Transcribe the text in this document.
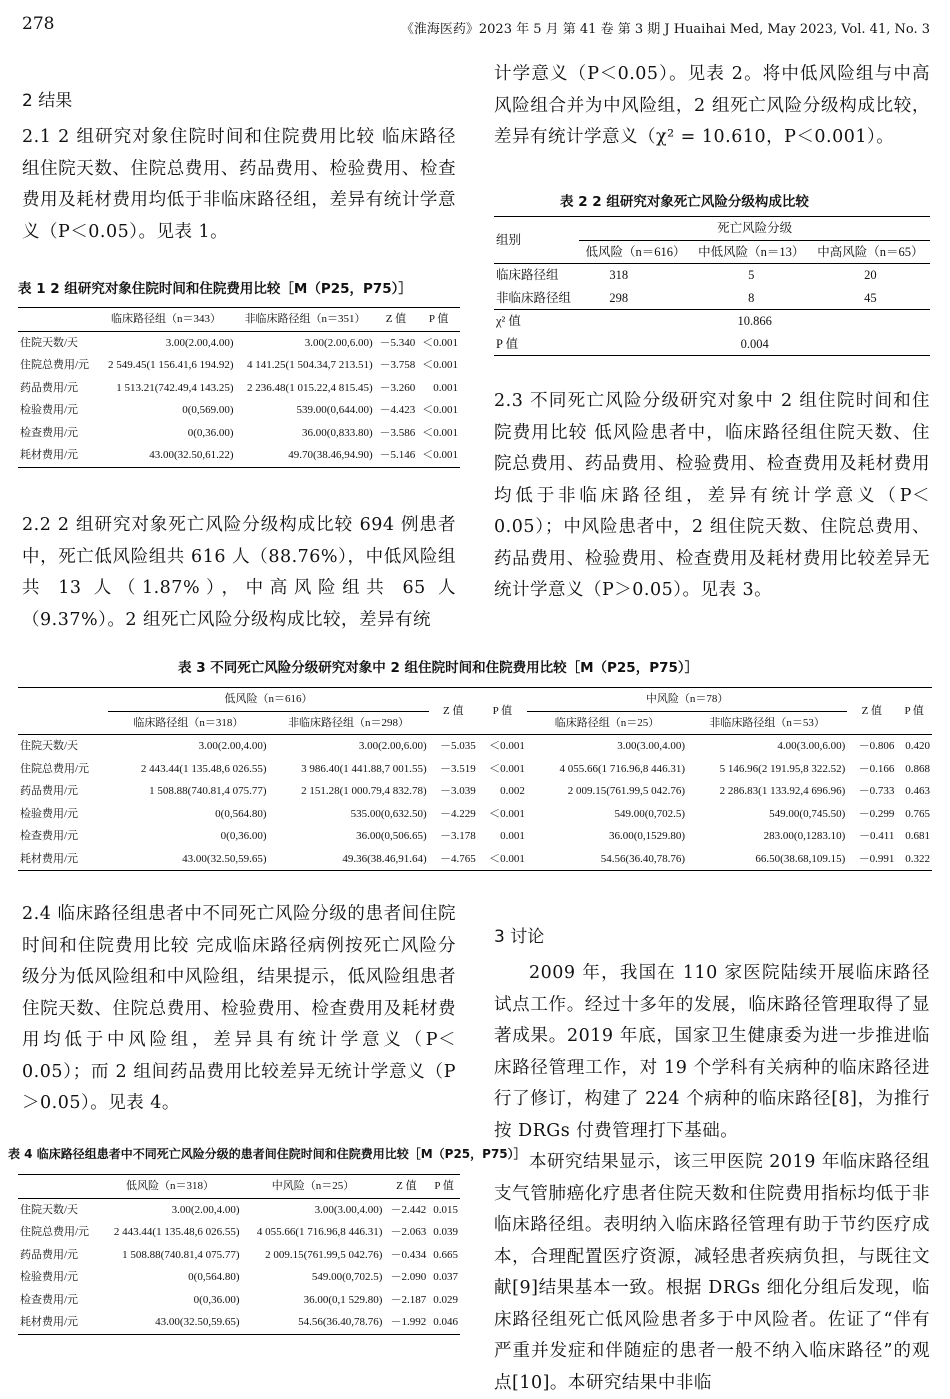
278	《淮海医药》2023 年 5 月 第 41 卷 第 3 期 J Huaihai Med, May 2023, Vol. 41, No. 3
2 结果

2.1 2 组研究对象住院时间和住院费用比较 临床路径组住院天数、住院总费用、药品费用、检验费用、检查费用及耗材费用均低于非临床路径组，差异有统计学意义（P＜0.05）。见表 1。

表 1 2 组研究对象住院时间和住院费用比较［M（P25，P75）］
	临床路径组（n＝343）	非临床路径组（n＝351）	Z 值	P 值
住院天数/天	3.00(2.00,4.00)	3.00(2.00,6.00)	－5.340	＜0.001
住院总费用/元	2 549.45(1 156.41,6 194.92)	4 141.25(1 504.34,7 213.51)	－3.758	＜0.001
药品费用/元	1 513.21(742.49,4 143.25)	2 236.48(1 015.22,4 815.45)	－3.260	0.001
检验费用/元	0(0,569.00)	539.00(0,644.00)	－4.423	＜0.001
检查费用/元	0(0,36.00)	36.00(0,833.80)	－3.586	＜0.001
耗材费用/元	43.00(32.50,61.22)	49.70(38.46,94.90)	－5.146	＜0.001

2.2 2 组研究对象死亡风险分级构成比较 694 例患者中，死亡低风险组共 616 人（88.76%），中低风险组共 13 人（1.87%），中高风险组共 65 人（9.37%）。2 组死亡风险分级构成比较，差异有统

计学意义（P＜0.05）。见表 2。将中低风险组与中高风险组合并为中风险组，2 组死亡风险分级构成比较，差异有统计学意义（χ² = 10.610，P＜0.001）。

表 2 2 组研究对象死亡风险分级构成比较
组别	死亡风险分级		
	低风险（n＝616）	中低风险（n＝13）	中高风险（n＝65）
临床路径组	318	5	20
非临床路径组	298	8	45
χ² 值	10.866		
P 值	0.004		

2.3 不同死亡风险分级研究对象中 2 组住院时间和住院费用比较 低风险患者中，临床路径组住院天数、住院总费用、药品费用、检验费用、检查费用及耗材费用均低于非临床路径组，差异有统计学意义（P＜0.05）；中风险患者中，2 组住院天数、住院总费用、药品费用、检验费用、检查费用及耗材费用比较差异无统计学意义（P＞0.05）。见表 3。

表 3 不同死亡风险分级研究对象中 2 组住院时间和住院费用比较［M（P25，P75）］
	低风险（n＝616）		Z 值	P 值	中风险（n＝78）		Z 值	P 值
	临床路径组（n＝318）	非临床路径组（n＝298）			临床路径组（n＝25）	非临床路径组（n＝53）		
住院天数/天	3.00(2.00,4.00)	3.00(2.00,6.00)	－5.035	＜0.001	3.00(3.00,4.00)	4.00(3.00,6.00)	－0.806	0.420
住院总费用/元	2 443.44(1 135.48,6 026.55)	3 986.40(1 441.88,7 001.55)	－3.519	＜0.001	4 055.66(1 716.96,8 446.31)	5 146.96(2 191.95,8 322.52)	－0.166	0.868
药品费用/元	1 508.88(740.81,4 075.77)	2 151.28(1 000.79,4 832.78)	－3.039	0.002	2 009.15(761.99,5 042.76)	2 286.83(1 133.92,4 696.96)	－0.733	0.463
检验费用/元	0(0,564.80)	535.00(0,632.50)	－4.229	＜0.001	549.00(0,702.5)	549.00(0,745.50)	－0.299	0.765
检查费用/元	0(0,36.00)	36.00(0,506.65)	－3.178	0.001	36.00(0,1529.80)	283.00(0,1283.10)	－0.411	0.681
耗材费用/元	43.00(32.50,59.65)	49.36(38.46,91.64)	－4.765	＜0.001	54.56(36.40,78.76)	66.50(38.68,109.15)	－0.991	0.322

2.4 临床路径组患者中不同死亡风险分级的患者间住院时间和住院费用比较 完成临床路径病例按死亡风险分级分为低风险组和中风险组，结果提示，低风险组患者住院天数、住院总费用、检验费用、检查费用及耗材费用均低于中风险组，差异具有统计学意义（P＜0.05）；而 2 组间药品费用比较差异无统计学意义（P＞0.05）。见表 4。

表 4 临床路径组患者中不同死亡风险分级的患者间住院时间和住院费用比较［M（P25，P75）］
	低风险（n＝318）	中风险（n＝25）	Z 值	P 值
住院天数/天	3.00(2.00,4.00)	3.00(3.00,4.00)	－2.442	0.015
住院总费用/元	2 443.44(1 135.48,6 026.55)	4 055.66(1 716.96,8 446.31)	－2.063	0.039
药品费用/元	1 508.88(740.81,4 075.77)	2 009.15(761.99,5 042.76)	－0.434	0.665
检验费用/元	0(0,564.80)	549.00(0,702.5)	－2.090	0.037
检查费用/元	0(0,36.00)	36.00(0,1 529.80)	－2.187	0.029
耗材费用/元	43.00(32.50,59.65)	54.56(36.40,78.76)	－1.992	0.046
3 讨论

2009 年，我国在 110 家医院陆续开展临床路径试点工作。经过十多年的发展，临床路径管理取得了显著成果。2019 年底，国家卫生健康委为进一步推进临床路径管理工作，对 19 个学科有关病种的临床路径进行了修订，构建了 224 个病种的临床路径[8]，为推行按 DRGs 付费管理打下基础。

本研究结果显示，该三甲医院 2019 年临床路径组支气管肺癌化疗患者住院天数和住院费用指标均低于非临床路径组。表明纳入临床路径管理有助于节约医疗成本，合理配置医疗资源，减轻患者疾病负担，与既往文献[9]结果基本一致。根据 DRGs 细化分组后发现，临床路径组死亡低风险患者多于中风险者。佐证了“伴有严重并发症和伴随症的患者一般不纳入临床路径”的观点[10]。本研究结果中非临
